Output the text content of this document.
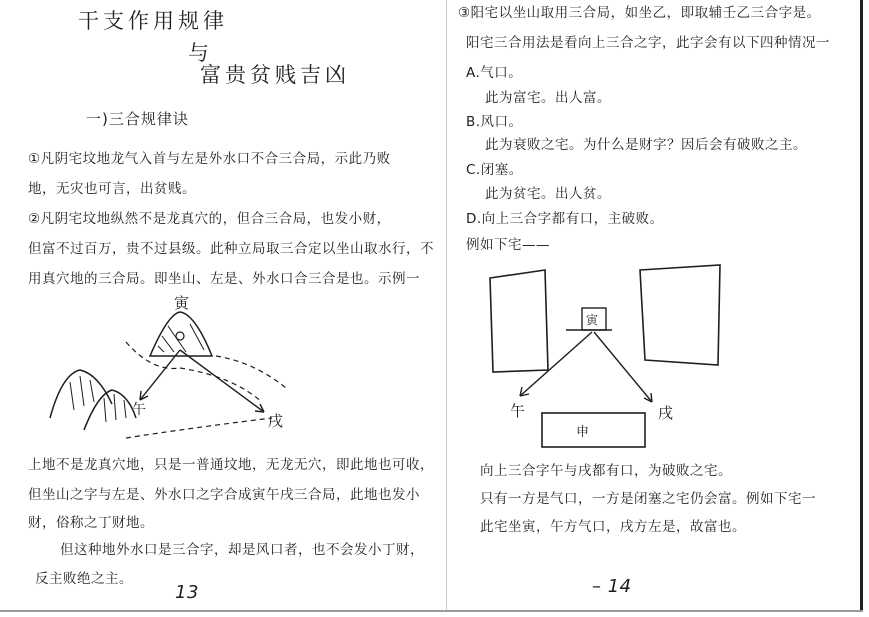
干支作用规律
与
富贵贫贱吉凶
一)三合规律诀
①凡阴宅坟地龙气入首与左是外水口不合三合局，示此乃败
地，无灾也可言，出贫贱。
②凡阴宅坟地纵然不是龙真穴的，但合三合局，也发小财，
但富不过百万，贵不过县级。此种立局取三合定以坐山取水行，不
用真穴地的三合局。即坐山、左是、外水口合三合是也。示例一
寅
午
戌
上地不是龙真穴地，只是一普通坟地，无龙无穴，即此地也可收，
但坐山之字与左是、外水口之字合成寅午戌三合局，此地也发小
财，俗称之丁财地。
但这种地外水口是三合字，却是风口者，也不会发小丁财，
反主败绝之主。
13
③阳宅以坐山取用三合局，如坐乙，即取辅壬乙三合字是。
阳宅三合用法是看向上三合之字，此字会有以下四种情况一
A.气口。
此为富宅。出人富。
B.风口。
此为衰败之宅。为什么是财字？因后会有破败之主。
C.闭塞。
此为贫宅。出人贫。
D.向上三合字都有口，主破败。
例如下宅——
寅
午	戌
申
向上三合字午与戌都有口，为破败之宅。
只有一方是气口，一方是闭塞之宅仍会富。例如下宅一
此宅坐寅，午方气口，戌方左是，故富也。
– 14
